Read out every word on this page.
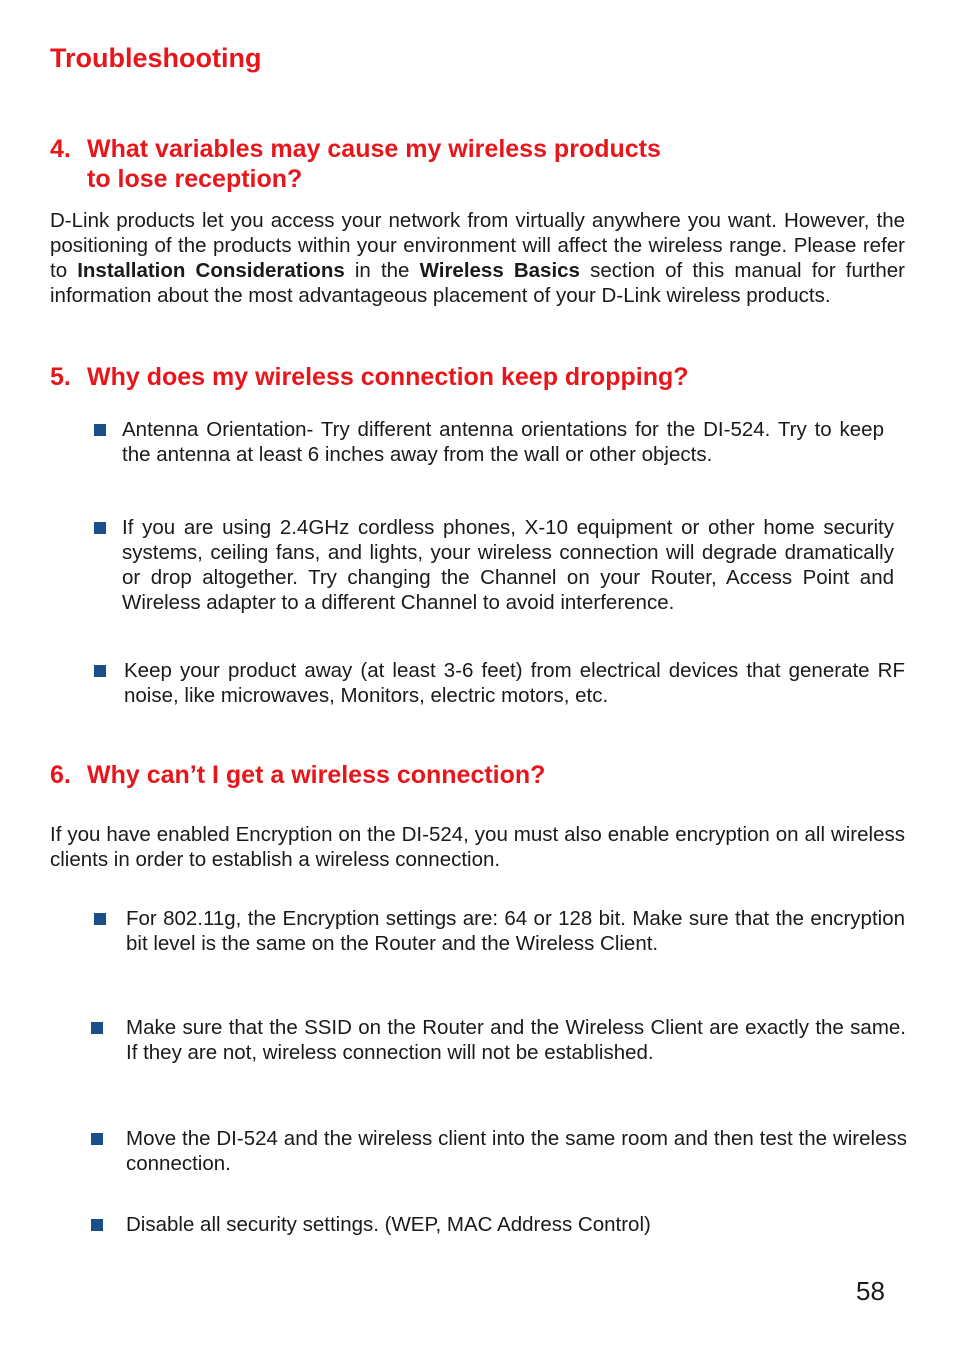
Troubleshooting
4. What variables may cause my wireless products
to lose reception?

D-Link products let you access your network from virtually anywhere you want. However, the positioning of the products within your environment will affect the wireless range. Please refer to Installation Considerations in the Wireless Basics section of this manual for further information about the most advantageous placement of your D-Link wireless products.

5. Why does my wireless connection keep dropping?
Antenna Orientation- Try different antenna orientations for the DI-524. Try to keep the antenna at least 6 inches away from the wall or other objects.
If you are using 2.4GHz cordless phones, X-10 equipment or other home security systems, ceiling fans, and lights, your wireless connection will degrade dramatically or drop altogether. Try changing the Channel on your Router, Access Point and Wireless adapter to a different Channel to avoid interference.
Keep your product away (at least 3-6 feet) from electrical devices that generate RF noise, like microwaves, Monitors, electric motors, etc.
6. Why can’t I get a wireless connection?

If you have enabled Encryption on the DI-524, you must also enable encryption on all wireless clients in order to establish a wireless connection.

For 802.11g, the Encryption settings are: 64 or 128 bit. Make sure that the encryption bit level is the same on the Router and the Wireless Client.
Make sure that the SSID on the Router and the Wireless Client are exactly the same. If they are not, wireless connection will not be established.
Move the DI-524 and the wireless client into the same room and then test the wireless connection.
Disable all security settings. (WEP, MAC Address Control)

58
